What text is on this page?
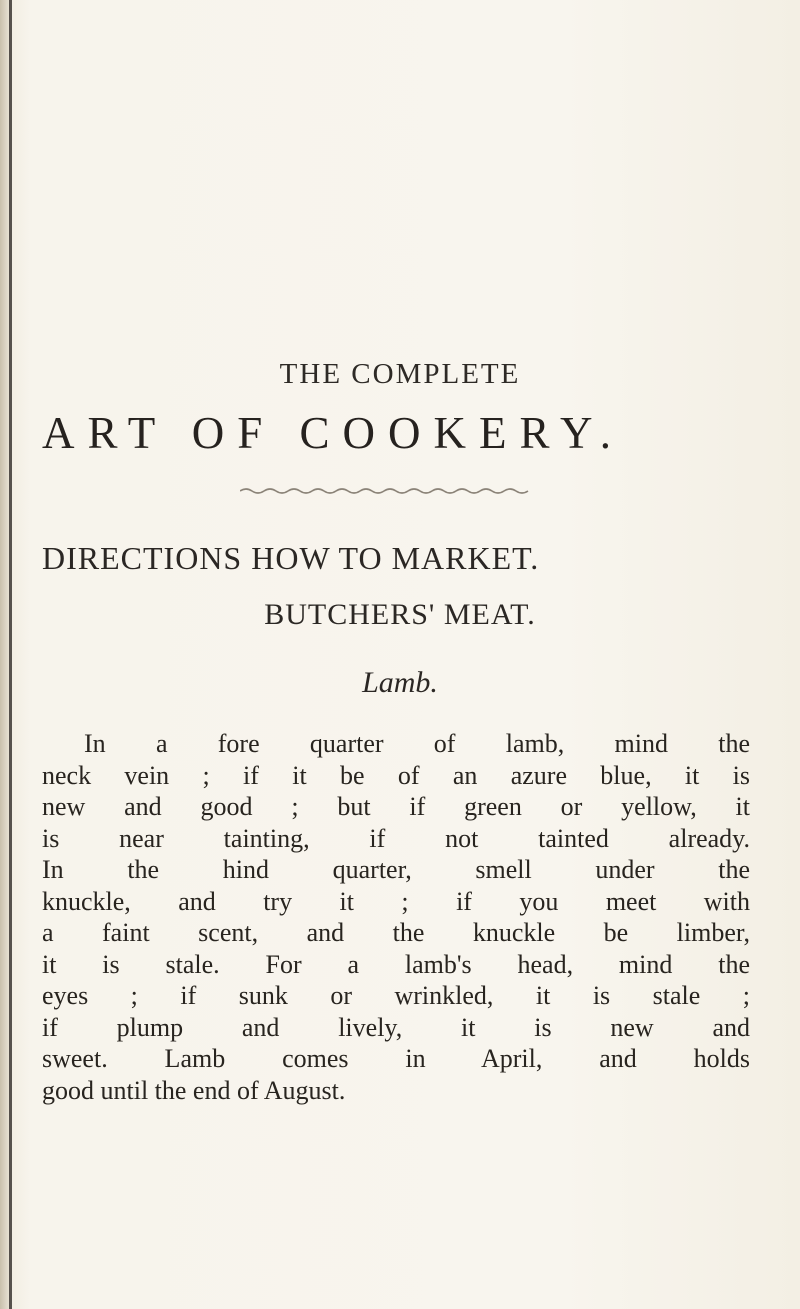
THE COMPLETE
ART OF COOKERY.
DIRECTIONS HOW TO MARKET.
BUTCHERS' MEAT.
Lamb.
In a fore quarter of lamb, mind the
neck vein ; if it be of an azure blue, it is
new and good ; but if green or yellow, it
is near tainting, if not tainted already.
In the hind quarter, smell under the
knuckle, and try it ; if you meet with
a faint scent, and the knuckle be limber,
it is stale. For a lamb's head, mind the
eyes ; if sunk or wrinkled, it is stale ;
if plump and lively, it is new and
sweet. Lamb comes in April, and holds
good until the end of August.
